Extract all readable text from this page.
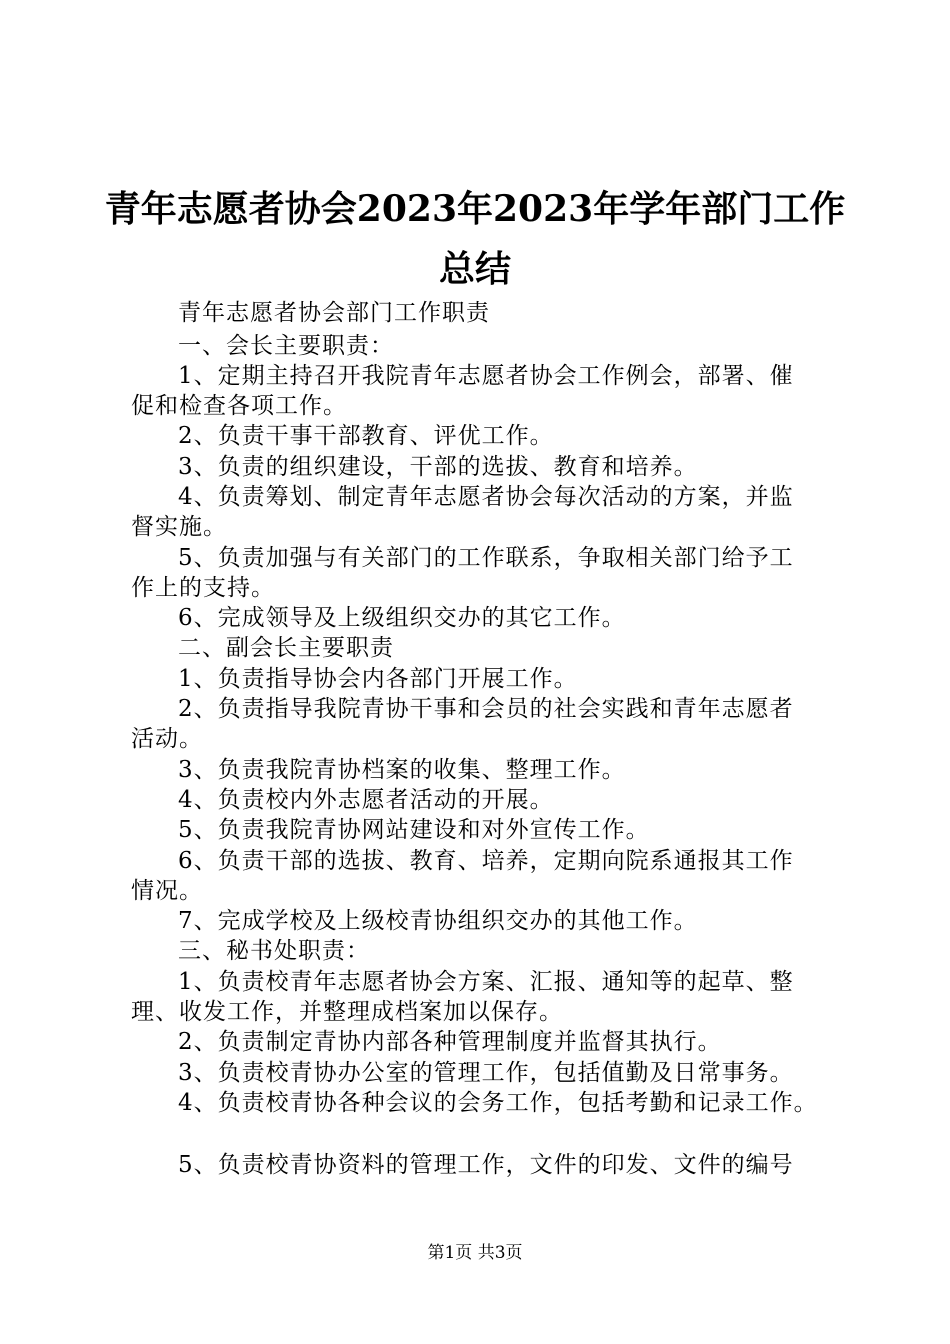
青年志愿者协会2023年2023年学年部门工作
总结
青年志愿者协会部门工作职责
一、会长主要职责：
1、定期主持召开我院青年志愿者协会工作例会，部署、催
促和检查各项工作。
2、负责干事干部教育、评优工作。
3、负责的组织建设，干部的选拔、教育和培养。
4、负责筹划、制定青年志愿者协会每次活动的方案，并监
督实施。
5、负责加强与有关部门的工作联系，争取相关部门给予工
作上的支持。
6、完成领导及上级组织交办的其它工作。
二、副会长主要职责
1、负责指导协会内各部门开展工作。
2、负责指导我院青协干事和会员的社会实践和青年志愿者
活动。
3、负责我院青协档案的收集、整理工作。
4、负责校内外志愿者活动的开展。
5、负责我院青协网站建设和对外宣传工作。
6、负责干部的选拔、教育、培养，定期向院系通报其工作
情况。
7、完成学校及上级校青协组织交办的其他工作。
三、秘书处职责：
1、负责校青年志愿者协会方案、汇报、通知等的起草、整
理、收发工作，并整理成档案加以保存。
2、负责制定青协内部各种管理制度并监督其执行。
3、负责校青协办公室的管理工作，包括值勤及日常事务。
4、负责校青协各种会议的会务工作，包括考勤和记录工作。
5、负责校青协资料的管理工作，文件的印发、文件的编号
第1页 共3页
